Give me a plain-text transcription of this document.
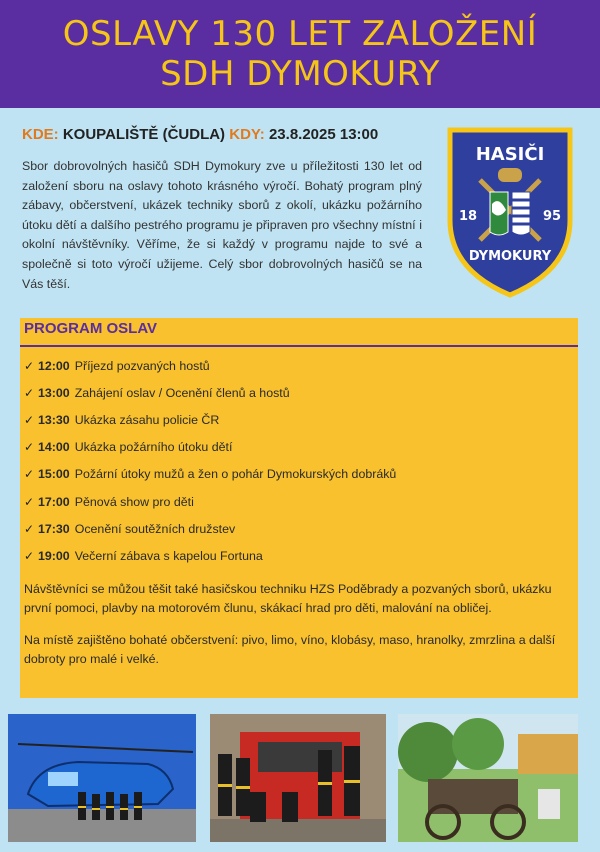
OSLAVY 130 LET ZALOŽENÍ
SDH DYMOKURY
KDE: KOUPALIŠTĚ (ČUDLA) KDY: 23.8.2025 13:00
Sbor dobrovolných hasičů SDH Dymokury zve u příležitosti 130 let od založení sboru na oslavy tohoto krásného výročí. Bohatý program plný zábavy, občerstvení, ukázek techniky sborů z okolí, ukázku požárního útoku dětí a dalšího pestrého programu je připraven pro všechny místní i okolní návštěvníky. Věříme, že si každý v programu najde to své a společně si toto výročí užijeme. Celý sbor dobrovolných hasičů se na Vás těší.
HASIČI
18	95
DYMOKURY
PROGRAM OSLAV
✓ 12:00 Příjezd pozvaných hostů
✓ 13:00 Zahájení oslav / Ocenění členů a hostů
✓ 13:30 Ukázka zásahu policie ČR
✓ 14:00 Ukázka požárního útoku dětí
✓ 15:00 Požární útoky mužů a žen o pohár Dymokurských dobráků
✓ 17:00 Pěnová show pro děti
✓ 17:30 Ocenění soutěžních družstev
✓ 19:00 Večerní zábava s kapelou Fortuna
Návštěvníci se můžou těšit také hasičskou techniku HZS Poděbrady a pozvaných sborů, ukázku první pomoci, plavby na motorovém člunu, skákací hrad pro děti, malování na obličej.
Na místě zajištěno bohaté občerstvení: pivo, limo, víno, klobásy, maso, hranolky, zmrzlina a další dobroty pro malé i velké.
